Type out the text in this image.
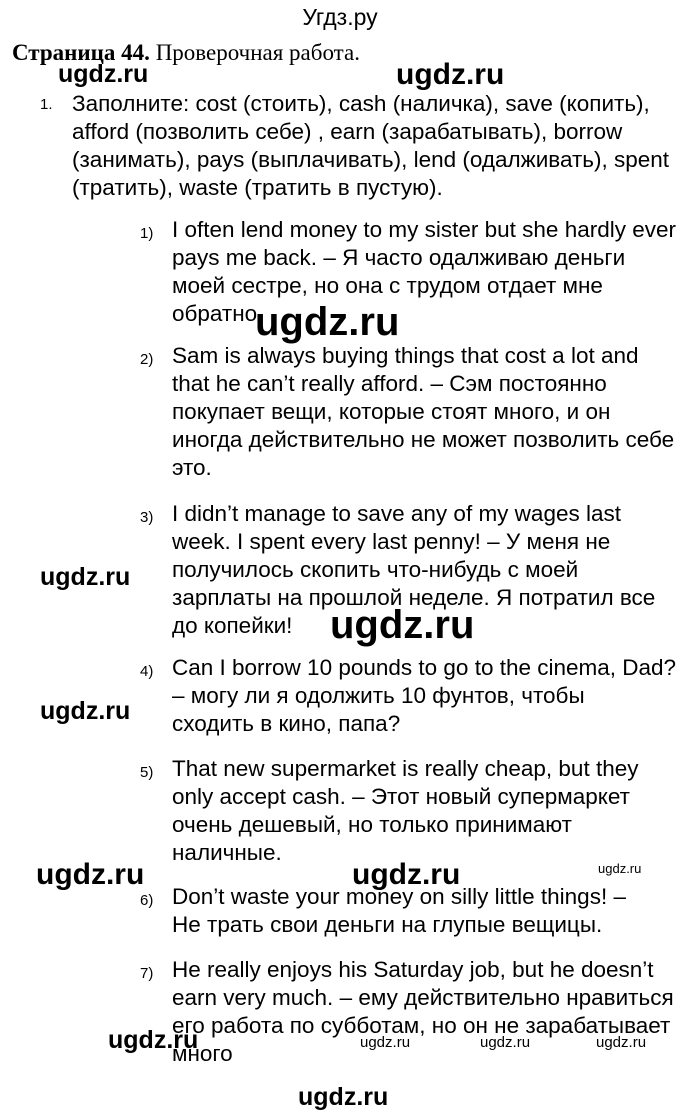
Угдз.ру
Страница 44. Проверочная работа.
1. Заполните: cost (стоить), cash (наличка), save (копить),
afford (позволить себе) , earn (зарабатывать), borrow
(занимать), pays (выплачивать), lend (одалживать), spent
(тратить), waste (тратить в пустую).
1) I often lend money to my sister but she hardly ever
pays me back. – Я часто одалживаю деньги
моей сестре, но она с трудом отдает мне
обратно.
2) Sam is always buying things that cost a lot and
that he can’t really afford. – Сэм постоянно
покупает вещи, которые стоят много, и он
иногда действительно не может позволить себе
это.
3) I didn’t manage to save any of my wages last
week. I spent every last penny! – У меня не
получилось скопить что-нибудь с моей
зарплаты на прошлой неделе. Я потратил все
до копейки!
4) Can I borrow 10 pounds to go to the cinema, Dad?
– могу ли я одолжить 10 фунтов, чтобы
сходить в кино, папа?
5) That new supermarket is really cheap, but they
only accept cash. – Этот новый супермаркет
очень дешевый, но только принимают
наличные.
6) Don’t waste your money on silly little things! –
Не трать свои деньги на глупые вещицы.
7) He really enjoys his Saturday job, but he doesn’t
earn very much. – ему действительно нравиться
его работа по субботам, но он не зарабатывает
много
ugdz.ru	ugdz.ru
ugdz.ru
ugdz.ru
ugdz.ru
ugdz.ru
ugdz.ru	ugdz.ru	ugdz.ru
ugdz.ru	ugdz.ru	ugdz.ru	ugdz.ru
ugdz.ru
